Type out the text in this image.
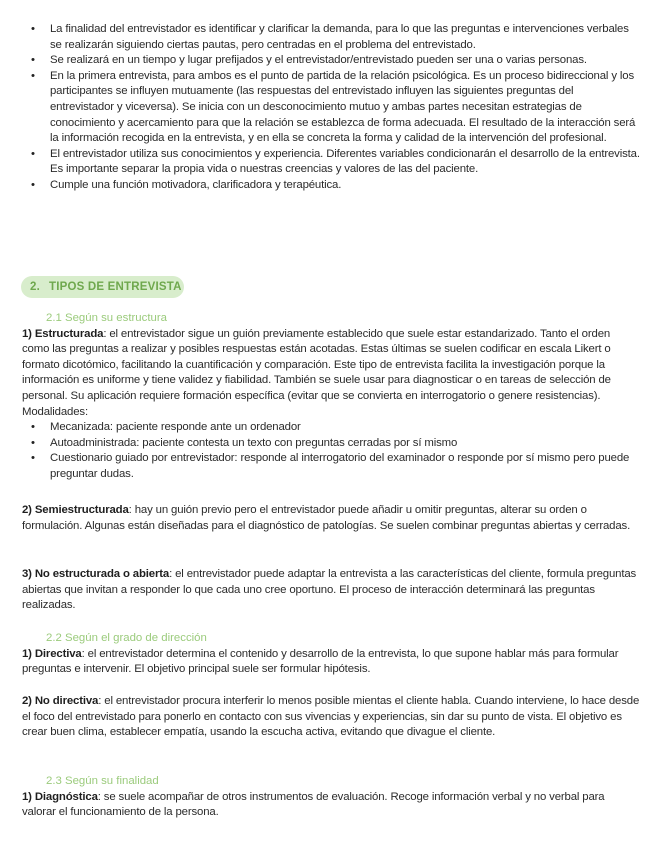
• La finalidad del entrevistador es identificar y clarificar la demanda, para lo que las preguntas e intervenciones verbales se realizarán siguiendo ciertas pautas, pero centradas en el problema del entrevistado.

• Se realizará en un tiempo y lugar prefijados y el entrevistador/entrevistado pueden ser una o varias personas.

• En la primera entrevista, para ambos es el punto de partida de la relación psicológica. Es un proceso bidireccional y los participantes se influyen mutuamente (las respuestas del entrevistado influyen las siguientes preguntas del entrevistador y viceversa). Se inicia con un desconocimiento mutuo y ambas partes necesitan estrategias de conocimiento y acercamiento para que la relación se establezca de forma adecuada. El resultado de la interacción será la información recogida en la entrevista, y en ella se concreta la forma y calidad de la intervención del profesional.

• El entrevistador utiliza sus conocimientos y experiencia. Diferentes variables condicionarán el desarrollo de la entrevista. Es importante separar la propia vida o nuestras creencias y valores de las del paciente.

• Cumple una función motivadora, clarificadora y terapéutica.

2. TIPOS DE ENTREVISTA

2.1 Según su estructura

1) Estructurada: el entrevistador sigue un guión previamente establecido que suele estar estandarizado. Tanto el orden como las preguntas a realizar y posibles respuestas están acotadas. Estas últimas se suelen codificar en escala Likert o formato dicotómico, facilitando la cuantificación y comparación. Este tipo de entrevista facilita la investigación porque la información es uniforme y tiene validez y fiabilidad. También se suele usar para diagnosticar o en tareas de selección de personal. Su aplicación requiere formación específica (evitar que se convierta en interrogatorio o genere resistencias). Modalidades:

• Mecanizada: paciente responde ante un ordenador

• Autoadministrada: paciente contesta un texto con preguntas cerradas por sí mismo

• Cuestionario guiado por entrevistador: responde al interrogatorio del examinador o responde por sí mismo pero puede preguntar dudas.

2) Semiestructurada: hay un guión previo pero el entrevistador puede añadir u omitir preguntas, alterar su orden o formulación. Algunas están diseñadas para el diagnóstico de patologías. Se suelen combinar preguntas abiertas y cerradas.

3) No estructurada o abierta: el entrevistador puede adaptar la entrevista a las características del cliente, formula preguntas abiertas que invitan a responder lo que cada uno cree oportuno. El proceso de interacción determinará las preguntas realizadas.

2.2 Según el grado de dirección

1) Directiva: el entrevistador determina el contenido y desarrollo de la entrevista, lo que supone hablar más para formular preguntas e intervenir. El objetivo principal suele ser formular hipótesis.

2) No directiva: el entrevistador procura interferir lo menos posible mientas el cliente habla. Cuando interviene, lo hace desde el foco del entrevistado para ponerlo en contacto con sus vivencias y experiencias, sin dar su punto de vista. El objetivo es crear buen clima, establecer empatía, usando la escucha activa, evitando que divague el cliente.

2.3 Según su finalidad

1) Diagnóstica: se suele acompañar de otros instrumentos de evaluación. Recoge información verbal y no verbal para valorar el funcionamiento de la persona.
